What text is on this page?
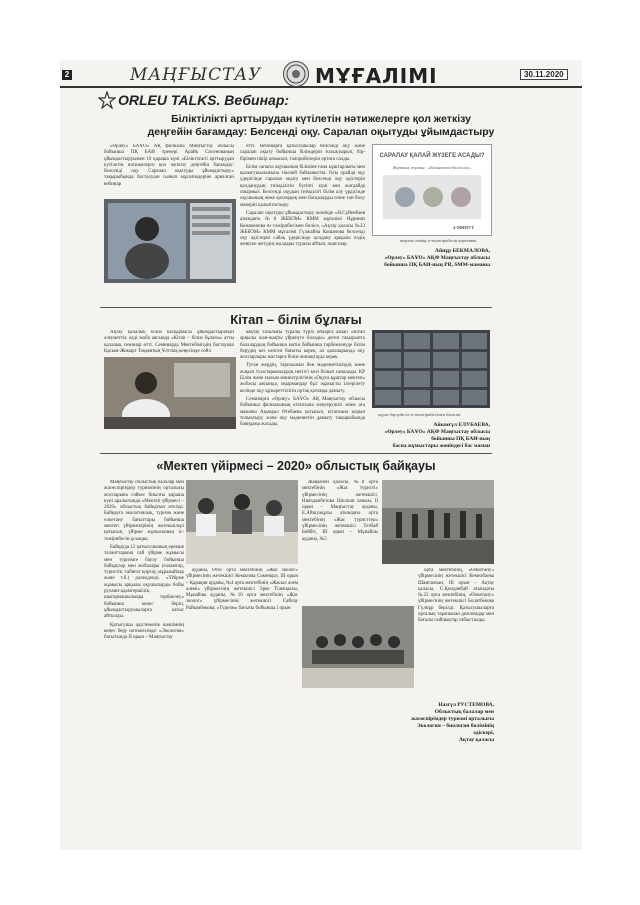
2	МАҢҒЫСТАУ	МҰҒАЛІМІ	30.11.2020
ORLEU TALKS. Вебинар:
Біліктілікті арттырудан күтілетін нәтижелерге қол жеткізу
деңгейін бағамдау: Белсенді оқу. Саралап оқытуды ұйымдастыру

«Өрлеу» БАҰО» АҚ филиалы Маңғыстау облысы бойынша ПҚ БАИ тренері Арайк Сисенованың ұйымдастыруымен 10 қараша күні «Біліктілікті арттырудан күтілетін нәтижелерге қол жеткізу деңгейін бағамдау: белсенді оқу. Саралап оқытуды ұйымдастыру» тақырыбында басталуын сынып мұғалімдеріне арналған вебинар

өтті. Вебинарға қатысушылар белсенді оқу және саралап оқыту бойынша білімдерін толықтырып, бір-бірімен пікір алмасып, тәжірибелерін ортаға салды.

Білім сапасы оқушының біліміне ғана кұштарлығы мен қызығушылығына тікелей байланысты. Осы орайда оқу үдерісінде саралап оқыту мен белсенді оқу әдістерін қолданудың тиімділігін бүгінгі күні көп жағдайда опырмыз. Белсенді оқудың тиімділігі білім алу үрдісінде оқушының жеке қоғамдық мен басқаларды өзіне тән болу мәнерін қалыптастыру.

Саралап оқытуды ұйымдастыру жөнінде «Н.Сүйенбаев атындағы №8 ЖББОМ» КММ мұғалімі Нұрнияз Кежекенова өз тәжірибесімен бөлісе, «Ақтау қаласы №23 ЖББОМ» КММ мұғалімі Гүлжайна Кошанова белсенді оқу әдістерін сабақ үдерісінде қолдану арқылы елдік жеңіске жетудің жолдары туралы айтып, оқиғалар

САРАЛАУ ҚАЛАЙ ЖҮЗЕГЕ АСАДЫ?
Жұптық жұмыс: «Бөлшекпен бөліп алу»
4-МИНУТ
тәрізге өзінің іс-тәжірибесін көрсетті.
Айнұр БЕКМАЛОВА,
«Өрлеу» БАҰО» АҚФ Маңғыстау облысы
бойынша ПҚ БАИ-ның PR, SMM-маманы
Кітап – білім бұлағы

Ақтау қалалық білім басқармасы ұйымдастыратын әлеуметтік әлді жоба аясында «Кітап – білім бұлағы» атты қалалық семинар өтті. Семинарда Мектебіміздің бастауыш Қасым-Жомарт Тоқаевтың Ұлттық кеңесінде сөйл

аяқтау тазалығы туралы түрлі ойларға аялап «Кітап арқылы жан-жақты үйренуге болады» деген тақырыпта балалардың бойынша мәтін бойынша тәрбиеленуде білім берудің кез келген бағыты керек, ал қалаларында оқу жоспарлары жастарға білім жинақтауда керек.

Туған жердің, тарихымыз бен мәдениетіміздің және жақын туыстарымыздың негізгі көзі болып саналады. ҚР Білім және ғылым министрлігінің «Оқуға құштар мектеп» жобасы аясында, оқырмандар бұл жұмысты ілгерілету кезінде оқу құзыреттілігін ортақ қоғамда дамыту.

Семинарға «Өрлеу» БАҰО» АҚ Маңғыстау облысы бойынша филиалының кітапхана меңгерушісі және аға маманы Ақмарал Өтебаева қатысып, кітапхана қорын толықтыру және оқу мәдениетін дамыту тақырыбында баяндама жасады.

оқуға баулуда өз іс-тәжірибесімен бөлісті.
Айымгүл ЕЛУБАЕВА,
«Өрлеу» БАҰО» АҚФ Маңғыстау облысы
бойынша ПҚ БАИ-ның
баспа жұмыстары жөніндегі бас маман
«Мектеп үйірмесі – 2020» облыстық байқауы

Маңғыстау облыстық балалар мен жасөспірімдер туризмінің орталығы жоспарына сәйкес биылғы қараша күні аралығында «Мектеп үйірмесі – 2020» облыстық байқауын өткізді. Байқауға экологиялық, туризм және өлкетану бағыттары бойынша мектеп үйірмелерінің жетекшілері қатысып, үйірме жұмысының іс-тәжірибесін ұсынды.

Байқауда 12 қатысушының ерекше таланттарына сай үйірме жұмысы мен туризмге баулу бойынша байқаулар мен жобалары (ғаламтор, туристік, табиғат қорғау, мұражайлар және т.б.) дәлелденді. «Үйірме жұмысы арқылы оқушыларды бойы рухани-адамгершілік, шығармашылыққа тәрбиелеу» бойынша кеңес беріп, ұйымдастырушыларға алғыс айтылды.

Қатысушы әдістемелік шешімнің кеңес беру нәтижесінде: «Экология» бағытында II орын – Маңғыстау

ауданы, Өтес орта мектебінің «Жас эколог» үйірмесінің жетекшісі Кемалова Сәкенқыз, III орын – Қарақия ауданы, №4 орта мектебінің «Жасыл әлем әлемі» үйірмесінің жетекшісі Эрке Тілекқызы, Мұнайлы ауданы, №10 орта мектебінің «Жас эколог» үйірмесінің жетекшісі Сайлау Райымбекова; «Туризм» бағыты бойынша I орын

Жаңаөзен қаласы, №8 орта мектебінің «Жас туристі» үйірмесінің жетекшісі, Нияздамбетова Шолпан ханым, II орын – Маңғыстау ауданы, Е.Айшуақұлы атындағы орта мектебінің «Жас туристтер» үйірмесінің жетекшісі Тезбай Бейбіт, III орын – Мұнайлы ауданы, №5

орта мектебінің, «Өлкетану» үйірмесінің жетекшісі Кемелбаева Шамсияхан, III орын – Ақтау қаласы, С.Қонданбай атындағы №22 орта мектебінің, «Өлкетану» үйірмесінің жетекшісі Болатбекова Гүлнұр берілді. Қатысушыларға орталық тарапынан дипломдар мен бағалы сыйлықтар табысталды.

Назгүл РУСТЕМОВА,
Облыстық балалар мен
жасөспірімдер туризмі орталығы
Экология – биология бөлімінің
әдіскері,
Ақтау қаласы
